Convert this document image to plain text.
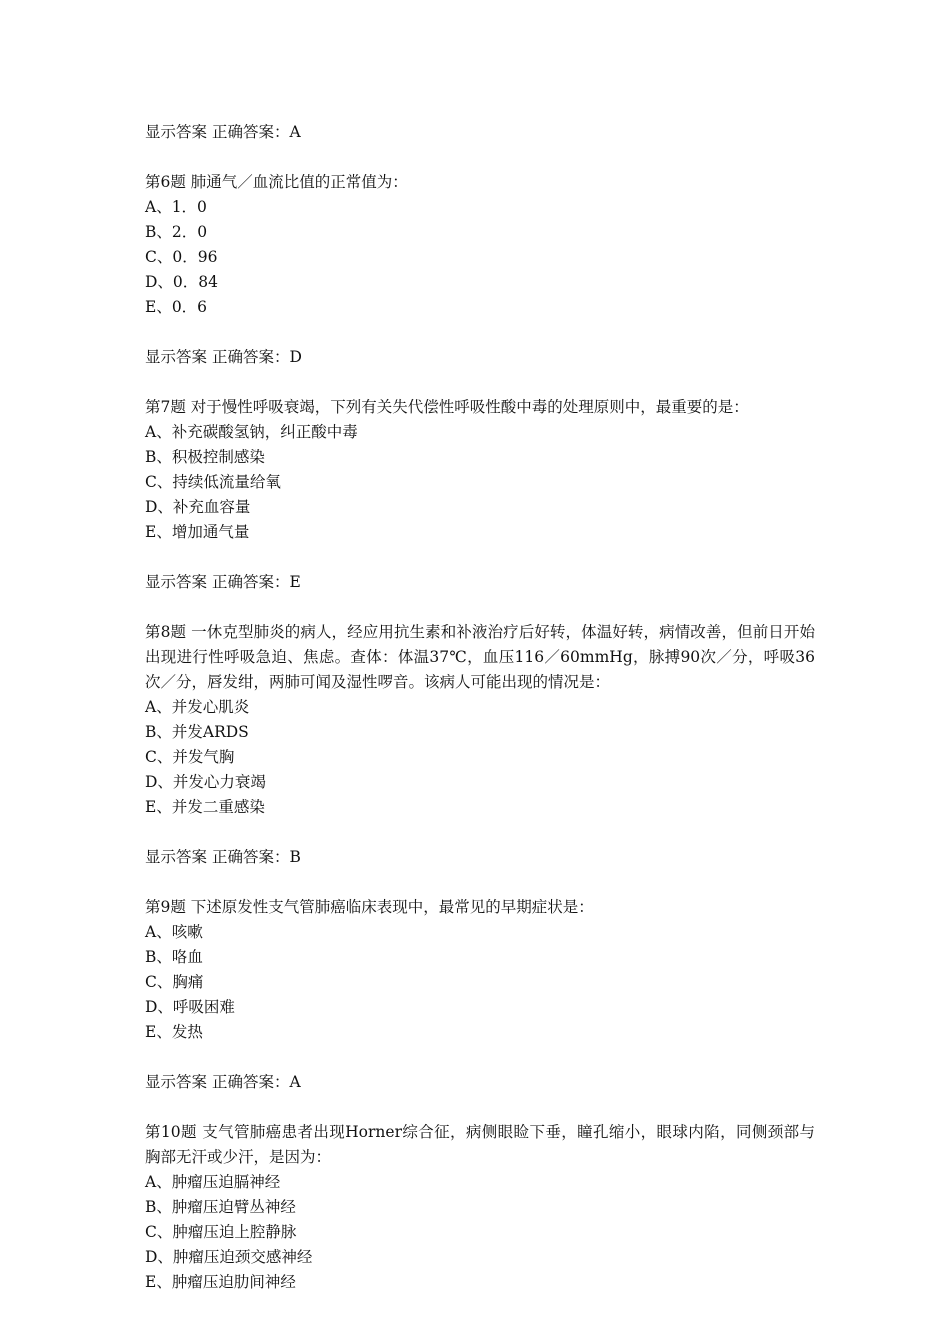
显示答案 正确答案：A
第6题 肺通气／血流比值的正常值为：
A、1．0
B、2．0
C、0．96
D、0．84
E、0．6
显示答案 正确答案：D
第7题 对于慢性呼吸衰竭，下列有关失代偿性呼吸性酸中毒的处理原则中，最重要的是：
A、补充碳酸氢钠，纠正酸中毒
B、积极控制感染
C、持续低流量给氧
D、补充血容量
E、增加通气量
显示答案 正确答案：E
第8题 一休克型肺炎的病人，经应用抗生素和补液治疗后好转，体温好转，病情改善，但前日开始出现进行性呼吸急迫、焦虑。查体：体温37℃，血压116／60mmHg，脉搏90次／分，呼吸36次／分，唇发绀，两肺可闻及湿性啰音。该病人可能出现的情况是：
A、并发心肌炎
B、并发ARDS
C、并发气胸
D、并发心力衰竭
E、并发二重感染
显示答案 正确答案：B
第9题 下述原发性支气管肺癌临床表现中，最常见的早期症状是：
A、咳嗽
B、咯血
C、胸痛
D、呼吸困难
E、发热
显示答案 正确答案：A
第10题 支气管肺癌患者出现Horner综合征，病侧眼睑下垂，瞳孔缩小，眼球内陷，同侧颈部与胸部无汗或少汗，是因为：
A、肿瘤压迫膈神经
B、肿瘤压迫臂丛神经
C、肿瘤压迫上腔静脉
D、肿瘤压迫颈交感神经
E、肿瘤压迫肋间神经
